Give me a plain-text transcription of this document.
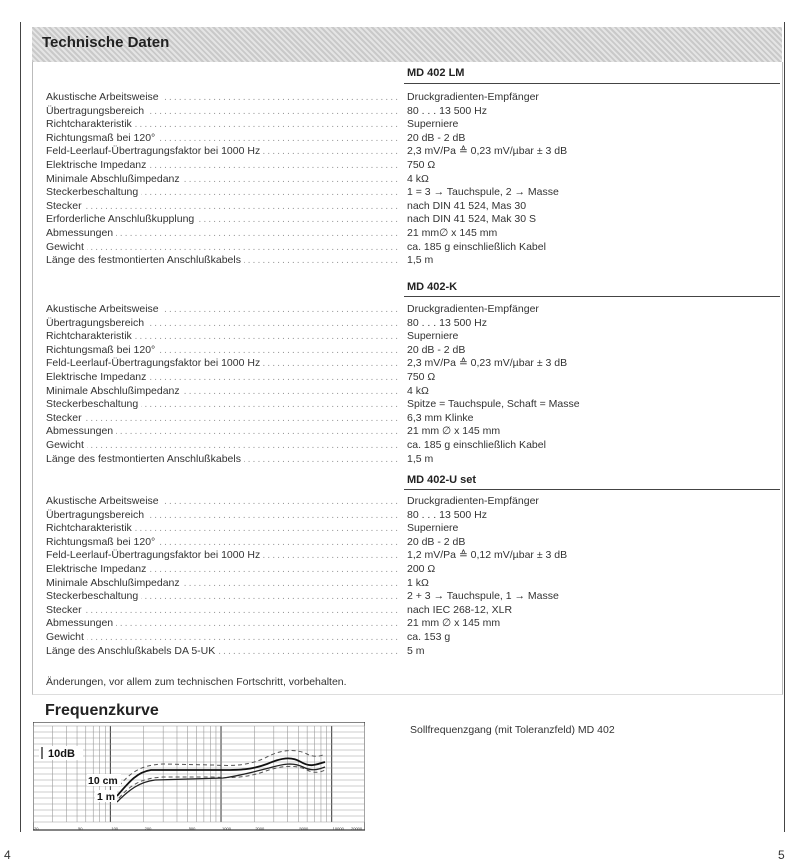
Technische Daten
MD 402 LM
Akustische Arbeitsweise .....	Druckgradienten-Empfänger
Übertragungsbereich .....	80 . . . 13 500 Hz
Richtcharakteristik .....	Superniere
Richtungsmaß bei 120° .....	20 dB - 2 dB
Feld-Leerlauf-Übertragungsfaktor bei 1000 Hz .....	2,3 mV/Pa ≙ 0,23 mV/µbar ± 3 dB
Elektrische Impedanz .....	750 Ω
Minimale Abschlußimpedanz .....	4 kΩ
Steckerbeschaltung .....	1 = 3 → Tauchspule, 2 → Masse
Stecker .....	nach DIN 41 524, Mas 30
Erforderliche Anschlußkupplung .....	nach DIN 41 524, Mak 30 S
Abmessungen .....	21 mm∅ x 145 mm
Gewicht .....	ca. 185 g einschließlich Kabel
Länge des festmontierten Anschlußkabels .....	1,5 m
MD 402-K
Akustische Arbeitsweise .....	Druckgradienten-Empfänger
Übertragungsbereich .....	80 . . . 13 500 Hz
Richtcharakteristik .....	Superniere
Richtungsmaß bei 120° .....	20 dB - 2 dB
Feld-Leerlauf-Übertragungsfaktor bei 1000 Hz .....	2,3 mV/Pa ≙ 0,23 mV/µbar ± 3 dB
Elektrische Impedanz .....	750 Ω
Minimale Abschlußimpedanz .....	4 kΩ
Steckerbeschaltung .....	Spitze = Tauchspule, Schaft = Masse
Stecker .....	6,3 mm Klinke
Abmessungen .....	21 mm ∅ x 145 mm
Gewicht .....	ca. 185 g einschließlich Kabel
Länge des festmontierten Anschlußkabels .....	1,5 m
MD 402-U set
Akustische Arbeitsweise .....	Druckgradienten-Empfänger
Übertragungsbereich .....	80 . . . 13 500 Hz
Richtcharakteristik .....	Superniere
Richtungsmaß bei 120° .....	20 dB - 2 dB
Feld-Leerlauf-Übertragungsfaktor bei 1000 Hz .....	1,2 mV/Pa ≙ 0,12 mV/µbar ± 3 dB
Elektrische Impedanz .....	200 Ω
Minimale Abschlußimpedanz .....	1 kΩ
Steckerbeschaltung .....	2 + 3 → Tauchspule, 1 → Masse
Stecker .....	nach IEC 268-12, XLR
Abmessungen .....	21 mm ∅ x 145 mm
Gewicht .....	ca. 153 g
Länge des Anschlußkabels DA 5-UK .....	5 m
Änderungen, vor allem zum technischen Fortschritt, vorbehalten.
Frequenzkurve
Sollfrequenzgang (mit Toleranzfeld) MD 402
20	50	100	200	500	1000	2000	5000	10000 20000
10dB
10 cm
1 m
4	5
